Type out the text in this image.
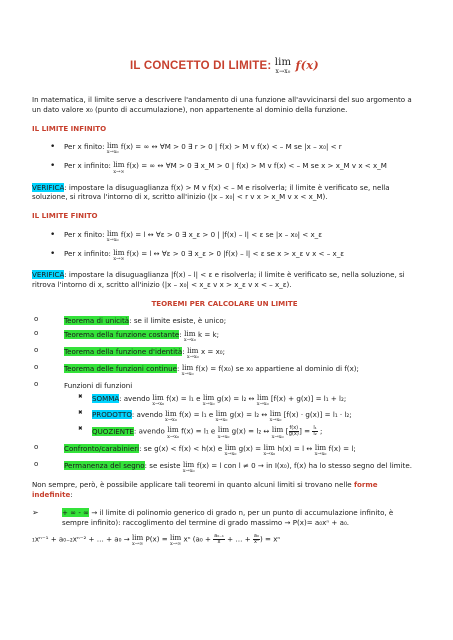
IL CONCETTO DI LIMITE: lim
x→x₀ f(x)

In matematica, il limite serve a descrivere l'andamento di una funzione all'avvicinarsi del suo argomento a un dato valore x₀ (punto di accumulazione), non appartenente al dominio della funzione.

IL LIMITE INFINITO
• Per x finito: lim
x→x₀
f(x) = ∞ ↔ ∀M > 0 ∃ r > 0 | f(x) > M v f(x) < – M se |x – x₀| < r
• Per x infinito: lim
x→∞
f(x) = ∞ ↔ ∀M > 0 ∃ x_M > 0 | f(x) > M v f(x) < – M se x > x_M v x < x_M

VERIFICA: impostare la disuguaglianza f(x) > M v f(x) < – M e risolverla; il limite è verificato se, nella soluzione, si ritrova l'intorno di x, scritto all'inizio (|x – x₀| < r v x > x_M v x < x_M).

IL LIMITE FINITO
• Per x finito: lim
x→x₀
f(x) = l ↔ ∀ε > 0 ∃ x_ε > 0 | |f(x) – l| < ε se |x – x₀| < x_ε
• Per x infinito: lim
x→∞
f(x) = l ↔ ∀ε > 0 ∃ x_ε > 0 |f(x) – l| < ε se x > x_ε v x < – x_ε

VERIFICA: impostare la disuguaglianza |f(x) – l| < ε e risolverla; il limite è verificato se, nella soluzione, si ritrova l'intorno di x, scritto all'inizio (|x – x₀| < x_ε v x > x_ε v x < – x_ε).

TEOREMI PER CALCOLARE UN LIMITE
o Teorema di unicità: se il limite esiste, è unico;
o Teorema della funzione costante: lim
x→x₀
k = k;
o Teorema della funzione d'identità: lim
x→x₀
x = x₀;
o Teorema delle funzioni continue: lim
x→x₀
f(x) = f(x₀) se x₀ appartiene al dominio di f(x);
o Funzioni di funzioni
✖ SOMMA: avendo lim
x→x₀
f(x) = l₁ e lim
x→x₀
g(x) = l₂ ↔ lim
x→x₀
[f(x) + g(x)] = l₁ + l₂;
✖ PRODOTTO: avendo lim
x→x₀
f(x) = l₁ e lim
x→x₀
g(x) = l₂ ↔ lim
x→x₀
[f(x) · g(x)] = l₁ · l₂;
✖ QUOZIENTE: avendo lim
x→x₀
f(x) = l₁ e lim
x→x₀
g(x) = l₂ ↔ lim
x→x₀
[ $\frac{f(x)}{g(x)}$ ] = $\frac{\text{l₁}}{\text{l₂}}$ ;
o Confronto/carabinieri: se g(x) < f(x) < h(x) e lim
x→x₀
g(x) = lim
x→x₀
h(x) = l ↔ lim
x→x₀
f(x) = l;
o Permanenza del segno: se esiste lim
x→x₀
f(x) = l con l ≠ 0 → in I(x₀), f(x) ha lo stesso segno del limite.

Non sempre, però, è possibile applicare tali teoremi in quanto alcuni limiti si trovano nelle forme indefinite:

➢ + ∞ - ∞ → il limite di polinomio generico di grado n, per un punto di accumulazione infinito, è sempre infinito): raccoglimento del termine di grado massimo → P(x)= a₀xⁿ + a₀.
₁xⁿ⁻¹ + a₀₋₂xⁿ⁻² + … + a₀ → lim
x→∞
P(x) = lim
x→∞
xⁿ ($a_0 + \frac{\text{a₀₋₁}}{x}$ + … + $\frac{\text{a₀}}{\text{xⁿ}}$ ) = xⁿ
